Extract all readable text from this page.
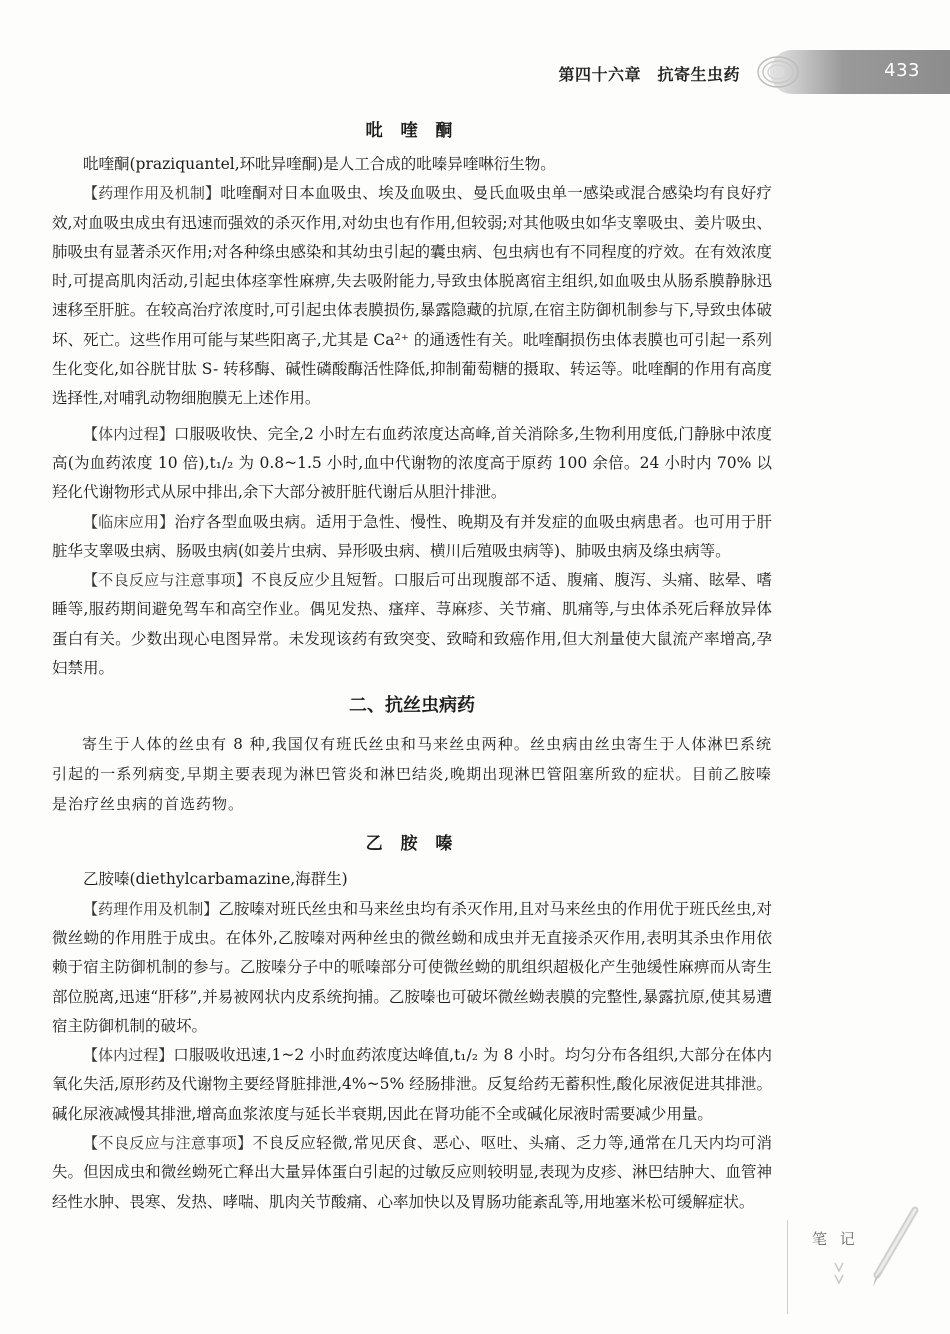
第四十六章　抗寄生虫药	433
吡 喹 酮

吡喹酮(praziquantel,环吡异喹酮)是人工合成的吡嗪异喹啉衍生物。

【药理作用及机制】吡喹酮对日本血吸虫、埃及血吸虫、曼氏血吸虫单一感染或混合感染均有良好疗效,对血吸虫成虫有迅速而强效的杀灭作用,对幼虫也有作用,但较弱;对其他吸虫如华支睾吸虫、姜片吸虫、肺吸虫有显著杀灭作用;对各种绦虫感染和其幼虫引起的囊虫病、包虫病也有不同程度的疗效。在有效浓度时,可提高肌肉活动,引起虫体痉挛性麻痹,失去吸附能力,导致虫体脱离宿主组织,如血吸虫从肠系膜静脉迅速移至肝脏。在较高治疗浓度时,可引起虫体表膜损伤,暴露隐藏的抗原,在宿主防御机制参与下,导致虫体破坏、死亡。这些作用可能与某些阳离子,尤其是 Ca²⁺ 的通透性有关。吡喹酮损伤虫体表膜也可引起一系列生化变化,如谷胱甘肽 S- 转移酶、碱性磷酸酶活性降低,抑制葡萄糖的摄取、转运等。吡喹酮的作用有高度选择性,对哺乳动物细胞膜无上述作用。

【体内过程】口服吸收快、完全,2 小时左右血药浓度达高峰,首关消除多,生物利用度低,门静脉中浓度高(为血药浓度 10 倍),t₁/₂ 为 0.8~1.5 小时,血中代谢物的浓度高于原药 100 余倍。24 小时内 70% 以羟化代谢物形式从尿中排出,余下大部分被肝脏代谢后从胆汁排泄。

【临床应用】治疗各型血吸虫病。适用于急性、慢性、晚期及有并发症的血吸虫病患者。也可用于肝脏华支睾吸虫病、肠吸虫病(如姜片虫病、异形吸虫病、横川后殖吸虫病等)、肺吸虫病及绦虫病等。

【不良反应与注意事项】不良反应少且短暂。口服后可出现腹部不适、腹痛、腹泻、头痛、眩晕、嗜睡等,服药期间避免驾车和高空作业。偶见发热、瘙痒、荨麻疹、关节痛、肌痛等,与虫体杀死后释放异体蛋白有关。少数出现心电图异常。未发现该药有致突变、致畸和致癌作用,但大剂量使大鼠流产率增高,孕妇禁用。

二、抗丝虫病药

寄生于人体的丝虫有 8 种,我国仅有班氏丝虫和马来丝虫两种。丝虫病由丝虫寄生于人体淋巴系统引起的一系列病变,早期主要表现为淋巴管炎和淋巴结炎,晚期出现淋巴管阻塞所致的症状。目前乙胺嗪是治疗丝虫病的首选药物。

乙 胺 嗪

乙胺嗪(diethylcarbamazine,海群生)

【药理作用及机制】乙胺嗪对班氏丝虫和马来丝虫均有杀灭作用,且对马来丝虫的作用优于班氏丝虫,对微丝蚴的作用胜于成虫。在体外,乙胺嗪对两种丝虫的微丝蚴和成虫并无直接杀灭作用,表明其杀虫作用依赖于宿主防御机制的参与。乙胺嗪分子中的哌嗪部分可使微丝蚴的肌组织超极化产生弛缓性麻痹而从寄生部位脱离,迅速“肝移”,并易被网状内皮系统拘捕。乙胺嗪也可破坏微丝蚴表膜的完整性,暴露抗原,使其易遭宿主防御机制的破坏。

【体内过程】口服吸收迅速,1~2 小时血药浓度达峰值,t₁/₂ 为 8 小时。均匀分布各组织,大部分在体内氧化失活,原形药及代谢物主要经肾脏排泄,4%~5% 经肠排泄。反复给药无蓄积性,酸化尿液促进其排泄。碱化尿液减慢其排泄,增高血浆浓度与延长半衰期,因此在肾功能不全或碱化尿液时需要减少用量。

【不良反应与注意事项】不良反应轻微,常见厌食、恶心、呕吐、头痛、乏力等,通常在几天内均可消失。但因成虫和微丝蚴死亡释出大量异体蛋白引起的过敏反应则较明显,表现为皮疹、淋巴结肿大、血管神经性水肿、畏寒、发热、哮喘、肌肉关节酸痛、心率加快以及胃肠功能紊乱等,用地塞米松可缓解症状。

笔 记
